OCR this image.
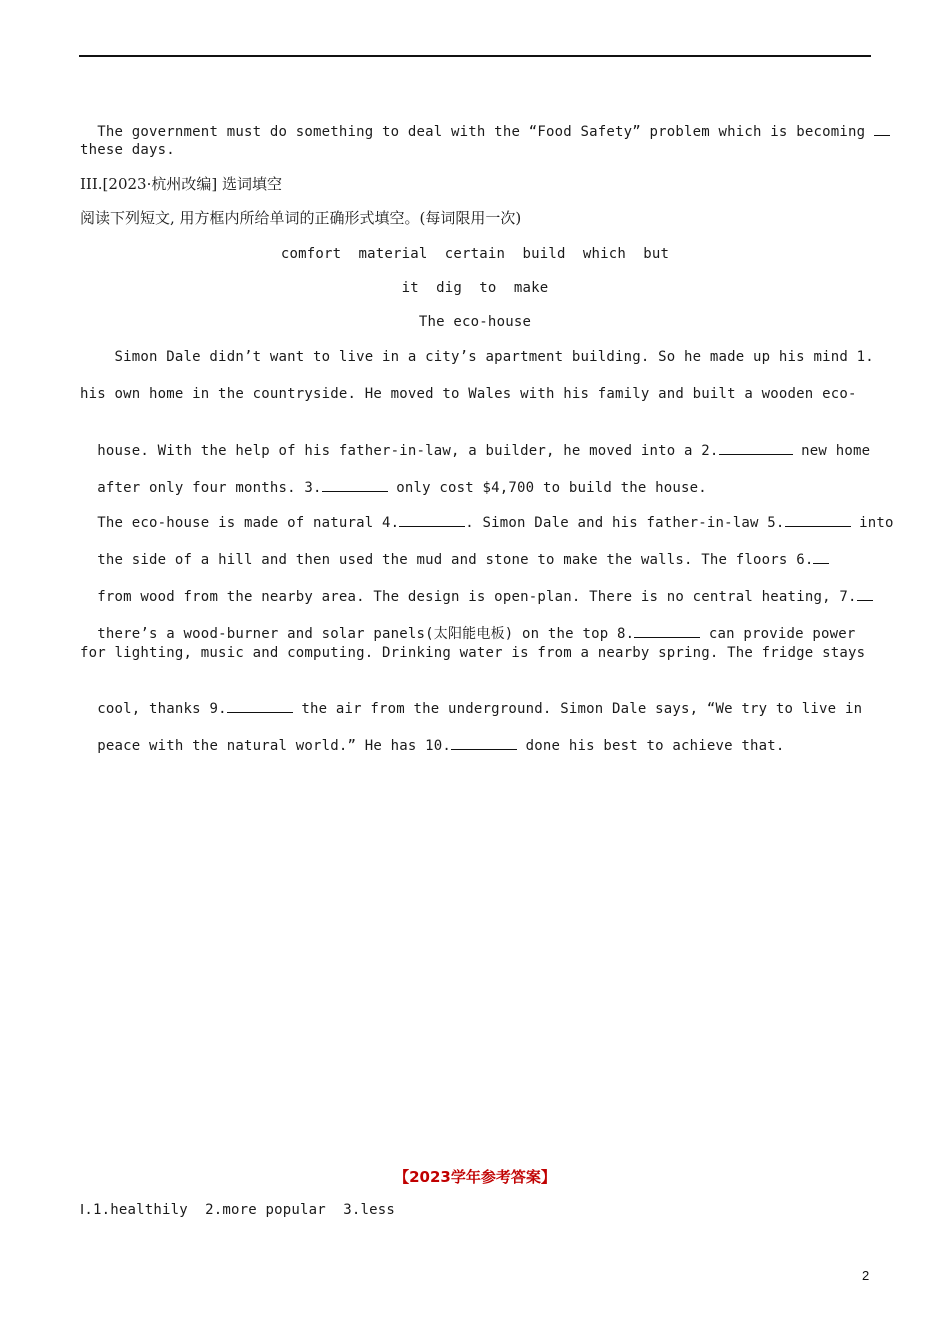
The government must do something to deal with the “Food Safety” problem which is becoming

these days.
III.[2023·杭州改编] 选词填空
阅读下列短文, 用方框内所给单词的正确形式填空。(每词限用一次)
comfort  material  certain  build  which  but
it  dig  to  make
The eco-house
Simon Dale didn’t want to live in a city’s apartment building. So he made up his mind 1.
his own home in the countryside. He moved to Wales with his family and built a wooden eco-

house. With the help of his father-in-law, a builder, he moved into a 2.	new home

after only four months. 3.	only cost $4,700 to build the house.

The eco-house is made of natural 4.	. Simon Dale and his father-in-law 5.	into

the side of a hill and then used the mud and stone to make the walls. The floors 6.

from wood from the nearby area. The design is open-plan. There is no central heating, 7.

there’s a wood-burner and solar panels(太阳能电板) on the top 8.	can provide power

for lighting, music and computing. Drinking water is from a nearby spring. The fridge stays

cool, thanks 9.	the air from the underground. Simon Dale says, “We try to live in

peace with the natural world.” He has 10.	done his best to achieve that.

【2023学年参考答案】
Ⅰ.1.healthily  2.more popular  3.less
2
